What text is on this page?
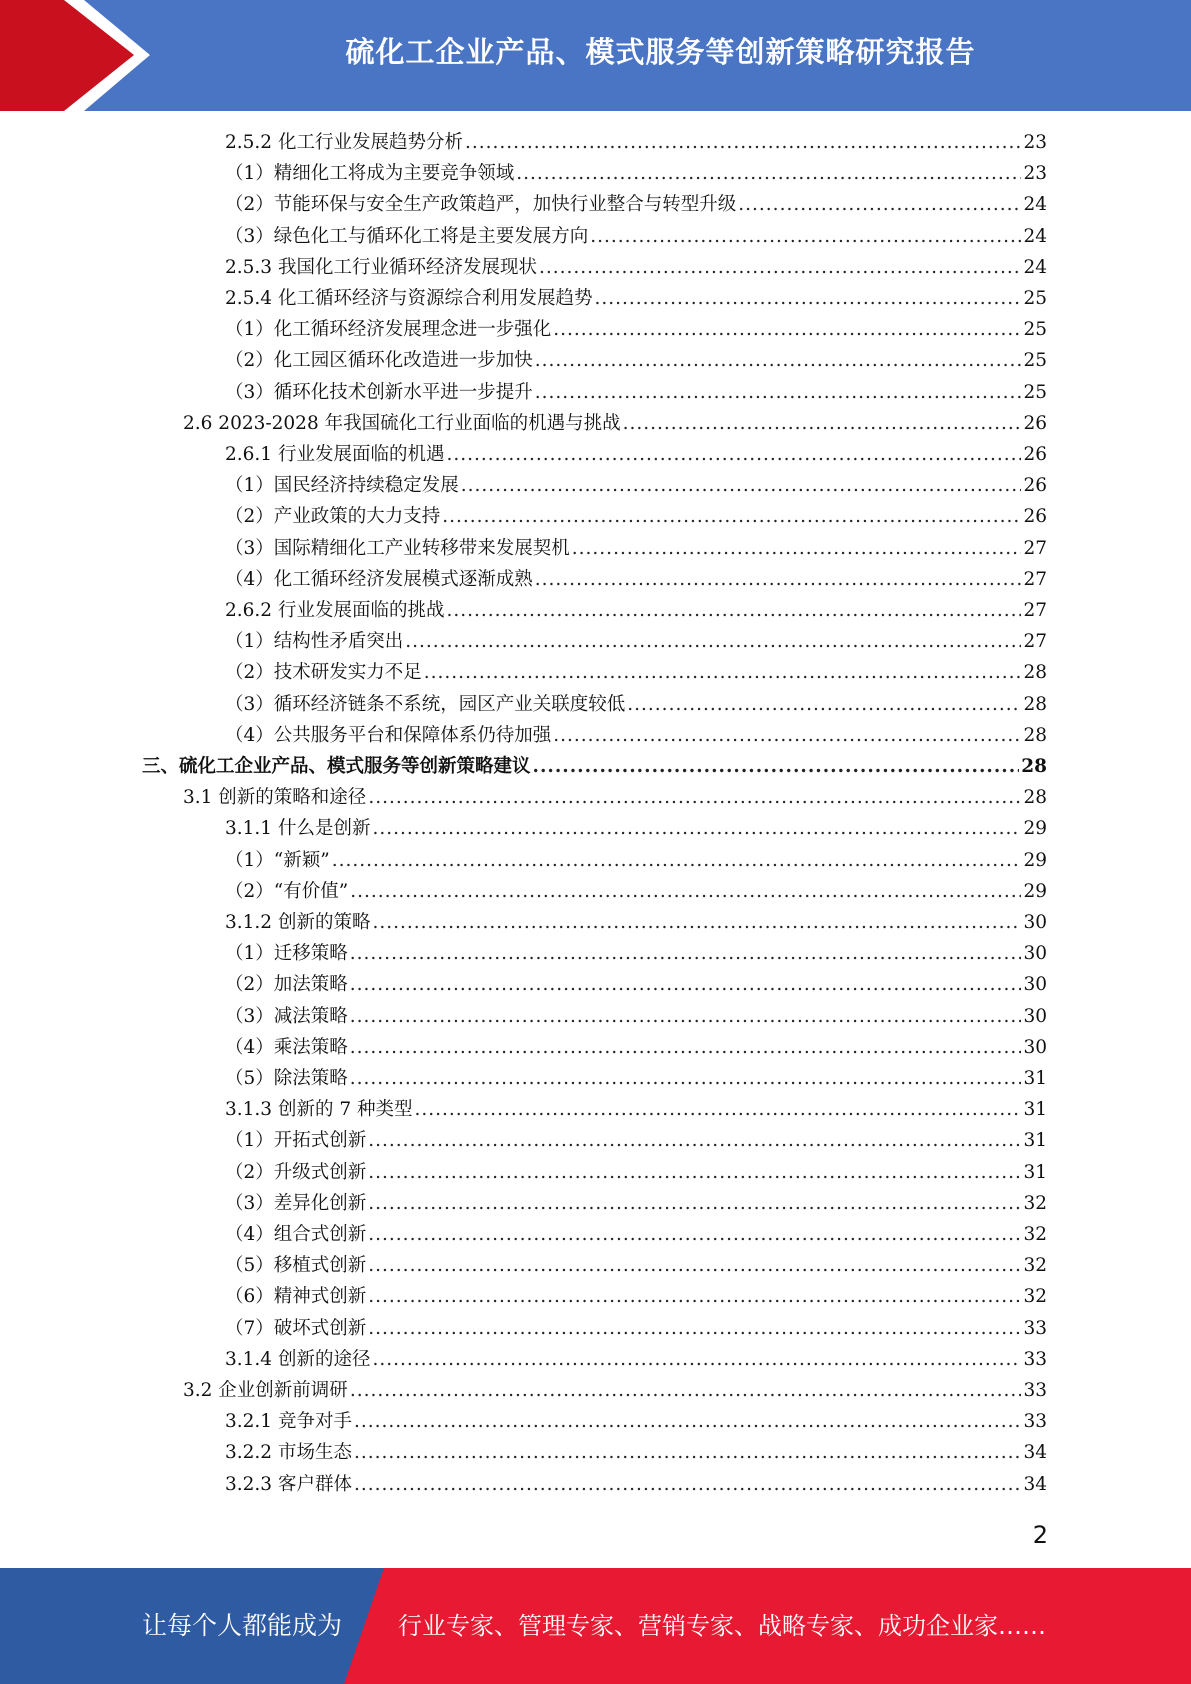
硫化工企业产品、模式服务等创新策略研究报告
2.5.2 化工行业发展趋势分析 .....	23
（1）精细化工将成为主要竞争领域 .....	23
（2）节能环保与安全生产政策趋严，加快行业整合与转型升级 .....	24
（3）绿色化工与循环化工将是主要发展方向 .....	24
2.5.3 我国化工行业循环经济发展现状 .....	24
2.5.4 化工循环经济与资源综合利用发展趋势 .....	25
（1）化工循环经济发展理念进一步强化 .....	25
（2）化工园区循环化改造进一步加快 .....	25
（3）循环化技术创新水平进一步提升 .....	25
2.6 2023-2028 年我国硫化工行业面临的机遇与挑战 .....	26
2.6.1 行业发展面临的机遇 .....	26
（1）国民经济持续稳定发展 .....	26
（2）产业政策的大力支持 .....	26
（3）国际精细化工产业转移带来发展契机 .....	27
（4）化工循环经济发展模式逐渐成熟 .....	27
2.6.2 行业发展面临的挑战 .....	27
（1）结构性矛盾突出 .....	27
（2）技术研发实力不足 .....	28
（3）循环经济链条不系统，园区产业关联度较低 .....	28
（4）公共服务平台和保障体系仍待加强 .....	28
三、硫化工企业产品、模式服务等创新策略建议 .....	28
3.1 创新的策略和途径 .....	28
3.1.1 什么是创新 .....	29
（1）“新颖” .....	29
（2）“有价值” .....	29
3.1.2 创新的策略 .....	30
（1）迁移策略 .....	30
（2）加法策略 .....	30
（3）减法策略 .....	30
（4）乘法策略 .....	30
（5）除法策略 .....	31
3.1.3 创新的 7 种类型 .....	31
（1）开拓式创新 .....	31
（2）升级式创新 .....	31
（3）差异化创新 .....	32
（4）组合式创新 .....	32
（5）移植式创新 .....	32
（6）精神式创新 .....	32
（7）破坏式创新 .....	33
3.1.4 创新的途径 .....	33
3.2 企业创新前调研 .....	33
3.2.1 竞争对手 .....	33
3.2.2 市场生态 .....	34
3.2.3 客户群体 .....	34
2
让每个人都能成为 行业专家、管理专家、营销专家、战略专家、成功企业家……
